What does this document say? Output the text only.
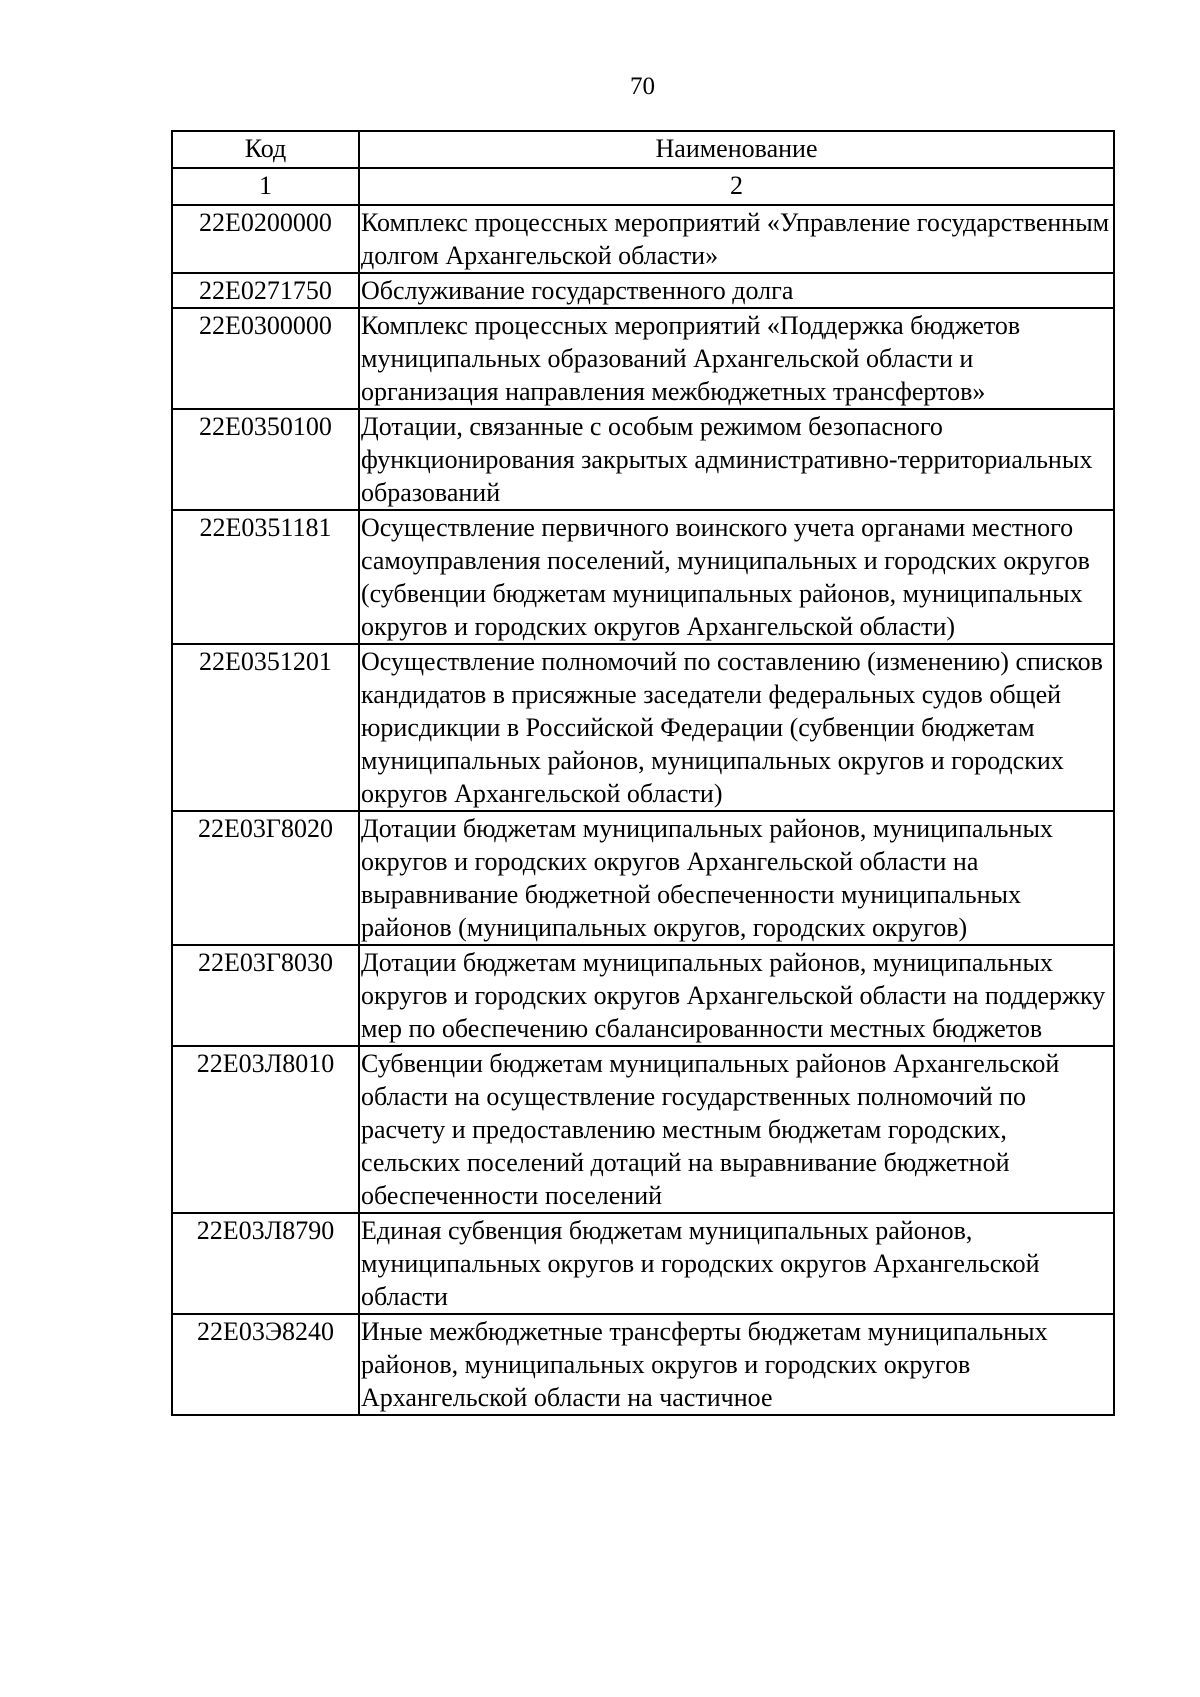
70
Код	Наименование
1	2
22Е0200000	Комплекс процессных мероприятий «Управление государственным долгом Архангельской области»
22Е0271750	Обслуживание государственного долга
22Е0300000	Комплекс процессных мероприятий «Поддержка бюджетов муниципальных образований Архангельской области и организация направления межбюджетных трансфертов»
22Е0350100	Дотации, связанные с особым режимом безопасного функционирования закрытых административно-территориальных образований
22Е0351181	Осуществление первичного воинского учета органами местного самоуправления поселений, муниципальных и городских округов (субвенции бюджетам муниципальных районов, муниципальных округов и городских округов Архангельской области)
22Е0351201	Осуществление полномочий по составлению (изменению) списков кандидатов в присяжные заседатели федеральных судов общей юрисдикции в Российской Федерации (субвенции бюджетам муниципальных районов, муниципальных округов и городских округов Архангельской области)
22Е03Г8020	Дотации бюджетам муниципальных районов, муниципальных округов и городских округов Архангельской области на выравнивание бюджетной обеспеченности муниципальных районов (муниципальных округов, городских округов)
22Е03Г8030	Дотации бюджетам муниципальных районов, муниципальных округов и городских округов Архангельской области на поддержку мер по обеспечению сбалансированности местных бюджетов
22Е03Л8010	Субвенции бюджетам муниципальных районов Архангельской области на осуществление государственных полномочий по расчету и предоставлению местным бюджетам городских, сельских поселений дотаций на выравнивание бюджетной обеспеченности поселений
22Е03Л8790	Единая субвенция бюджетам муниципальных районов, муниципальных округов и городских округов Архангельской области
22Е03Э8240	Иные межбюджетные трансферты бюджетам муниципальных районов, муниципальных округов и городских округов Архангельской области на частичное
